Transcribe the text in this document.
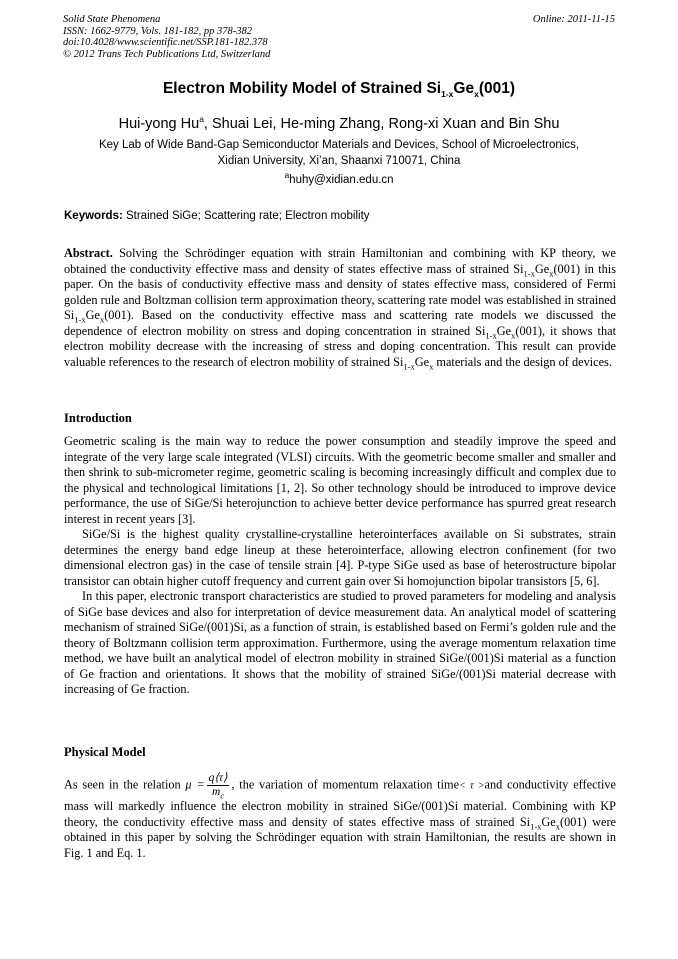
Solid State Phenomena
ISSN: 1662-9779, Vols. 181-182, pp 378-382
doi:10.4028/www.scientific.net/SSP.181-182.378
© 2012 Trans Tech Publications Ltd, Switzerland
Online: 2011-11-15
Electron Mobility Model of Strained $Si_{1-x}Ge_x(001)$
Hui-yong Hu$^a$, Shuai Lei, He-ming Zhang, Rong-xi Xuan and Bin Shu
Key Lab of Wide Band-Gap Semiconductor Materials and Devices, School of Microelectronics,
Xidian University, Xi’an, Shaanxi 710071, China
$^a$huhy@xidian.edu.cn
Keywords: Strained SiGe; Scattering rate; Electron mobility

Abstract. Solving the Schrödinger equation with strain Hamiltonian and combining with KP theory, we obtained the conductivity effective mass and density of states effective mass of strained $Si_{1-x}Ge_x(001)$ in this paper. On the basis of conductivity effective mass and density of states effective mass, considered of Fermi golden rule and Boltzman collision term approximation theory, scattering rate model was established in strained $Si_{1-x}Ge_x(001)$. Based on the conductivity effective mass and scattering rate models we discussed the dependence of electron mobility on stress and doping concentration in strained $Si_{1-x}Ge_x(001)$, it shows that electron mobility decrease with the increasing of stress and doping concentration. This result can provide valuable references to the research of electron mobility of strained $Si_{1-x}Ge_x$ materials and the design of devices.

Introduction

Geometric scaling is the main way to reduce the power consumption and steadily improve the speed and integrate of the very large scale integrated (VLSI) circuits. With the geometric become smaller and smaller and then shrink to sub-micrometer regime, geometric scaling is becoming increasingly difficult and complex due to the physical and technological limitations [1, 2]. So other technology should be introduced to improve device performance, the use of SiGe/Si heterojunction to achieve better device performance has spurred great research interest in recent years [3].

SiGe/Si is the highest quality crystalline-crystalline heterointerfaces available on Si substrates, strain determines the energy band edge lineup at these heterointerface, allowing electron confinement (for two dimensional electron gas) in the case of tensile strain [4]. P-type SiGe used as base of heterostructure bipolar transistor can obtain higher cutoff frequency and current gain over Si homojunction bipolar transistors [5, 6].

In this paper, electronic transport characteristics are studied to proved parameters for modeling and analysis of SiGe base devices and also for interpretation of device measurement data. An analytical model of scattering mechanism of strained SiGe/(001)Si, as a function of strain, is established based on Fermi’s golden rule and the theory of Boltzmann collision term approximation. Furthermore, using the average momentum relaxation time method, we have built an analytical model of electron mobility in strained SiGe/(001)Si material as a function of Ge fraction and orientations. It shows that the mobility of strained SiGe/(001)Si material decrease with increasing of Ge fraction.

Physical Model

As seen in the relation $\mu = \frac{q⟨\tau⟩}{m_c}$ , the variation of momentum relaxation time< τ >and conductivity effective mass will markedly influence the electron mobility in strained SiGe/(001)Si material. Combining with KP theory, the conductivity effective mass and density of states effective mass of strained $Si_{1-x}Ge_x(001)$ were obtained in this paper by solving the Schrödinger equation with strain Hamiltonian, the results are shown in Fig. 1 and Eq. 1.
